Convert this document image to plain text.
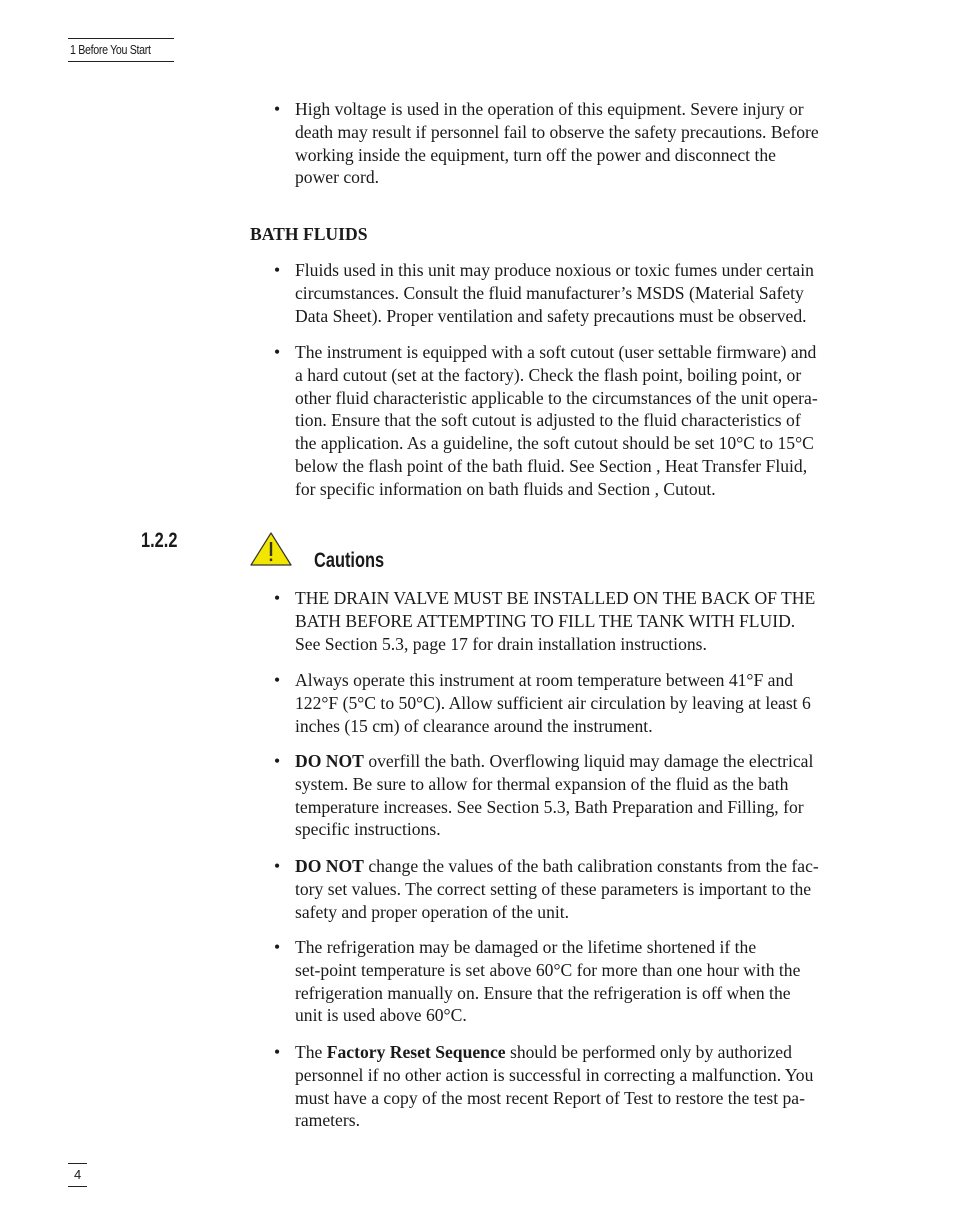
1 Before You Start
• High voltage is used in the operation of this equipment. Severe injury or
death may result if personnel fail to observe the safety precautions. Before
working inside the equipment, turn off the power and disconnect the
power cord.
BATH FLUIDS
• Fluids used in this unit may produce noxious or toxic fumes under certain
circumstances. Consult the fluid manufacturer’s MSDS (Material Safety
Data Sheet). Proper ventilation and safety precautions must be observed.
• The instrument is equipped with a soft cutout (user settable firmware) and
a hard cutout (set at the factory). Check the flash point, boiling point, or
other fluid characteristic applicable to the circumstances of the unit opera-
tion. Ensure that the soft cutout is adjusted to the fluid characteristics of
the application. As a guideline, the soft cutout should be set 10°C to 15°C
below the flash point of the bath fluid. See Section , Heat Transfer Fluid,
for specific information on bath fluids and Section , Cutout.
1.2.2
Cautions
• THE DRAIN VALVE MUST BE INSTALLED ON THE BACK OF THE
BATH BEFORE ATTEMPTING TO FILL THE TANK WITH FLUID.
See Section 5.3, page 17 for drain installation instructions.
• Always operate this instrument at room temperature between 41°F and
122°F (5°C to 50°C). Allow sufficient air circulation by leaving at least 6
inches (15 cm) of clearance around the instrument.
• DO NOT overfill the bath. Overflowing liquid may damage the electrical
system. Be sure to allow for thermal expansion of the fluid as the bath
temperature increases. See Section 5.3, Bath Preparation and Filling, for
specific instructions.
• DO NOT change the values of the bath calibration constants from the fac-
tory set values. The correct setting of these parameters is important to the
safety and proper operation of the unit.
• The refrigeration may be damaged or the lifetime shortened if the
set-point temperature is set above 60°C for more than one hour with the
refrigeration manually on. Ensure that the refrigeration is off when the
unit is used above 60°C.
• The Factory Reset Sequence should be performed only by authorized
personnel if no other action is successful in correcting a malfunction. You
must have a copy of the most recent Report of Test to restore the test pa-
rameters.
4
